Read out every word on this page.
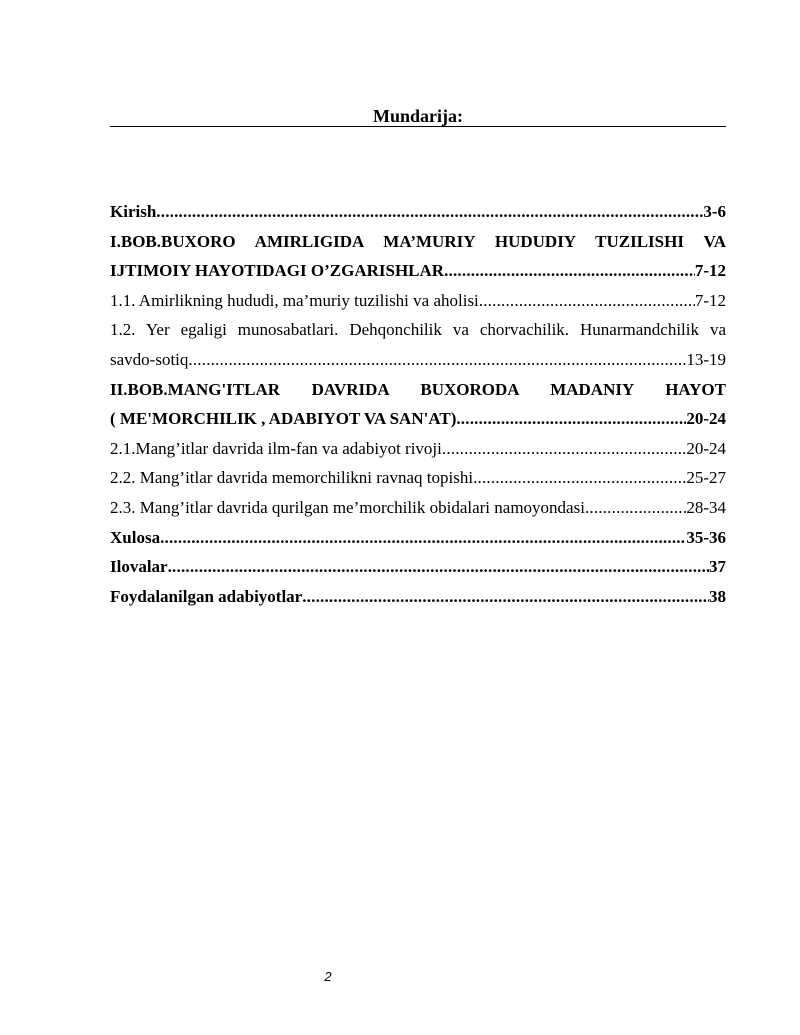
Mundarija:
Kirish .....	3-6
I.BOB.BUXORO AMIRLIGIDA MA’MURIY HUDUDIY TUZILISHI VA
IJTIMOIY HAYOTIDAGI O’ZGARISHLAR .....	7-12
1.1. Amirlikning hududi, ma’muriy tuzilishi va aholisi .....	7-12
1.2. Yer egaligi munosabatlari. Dehqonchilik va chorvachilik. Hunarmandchilik va
savdo-sotiq .....	13-19
II.BOB.MANG'ITLAR DAVRIDA BUXORODA MADANIY HAYOT
( ME'MORCHILIK , ADABIYOT VA SAN'AT) .....	20-24
2.1.Mang’itlar davrida ilm-fan va adabiyot rivoji .....	20-24
2.2. Mang’itlar davrida memorchilikni ravnaq topishi .....	25-27
2.3. Mang’itlar davrida qurilgan me’morchilik obidalari namoyondasi .....	28-34
Xulosa .....	35-36
Ilovalar .....	37
Foydalanilgan adabiyotlar .....	38
2
